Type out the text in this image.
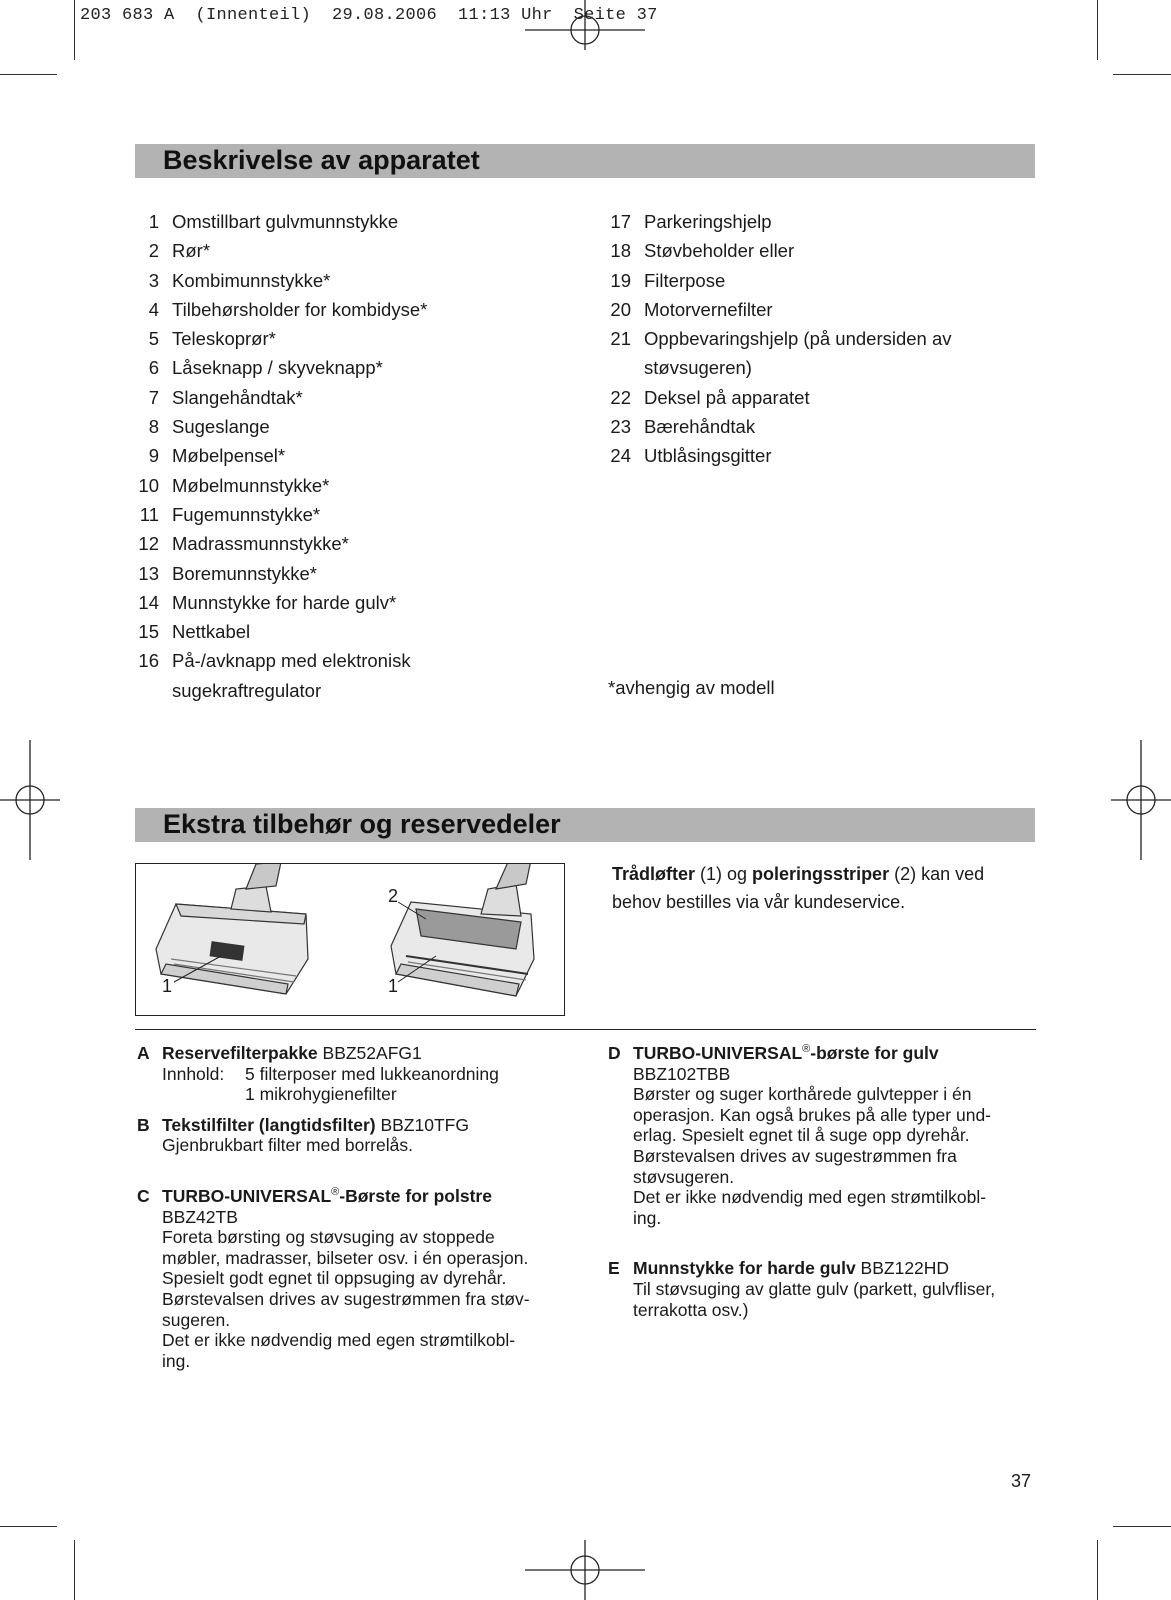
203 683 A  (Innenteil)  29.08.2006  11:13 Uhr  Seite 37
Beskrivelse av apparatet
1 Omstillbart gulvmunnstykke
2 Rør*
3 Kombimunnstykke*
4 Tilbehørsholder for kombidyse*
5 Teleskoprør*
6 Låseknapp / skyveknapp*
7 Slangehåndtak*
8 Sugeslange
9 Møbelpensel*
10 Møbelmunnstykke*
11 Fugemunnstykke*
12 Madrassmunnstykke*
13 Boremunnstykke*
14 Munnstykke for harde gulv*
15 Nettkabel
16 På-/avknapp med elektronisk
sugekraftregulator
17 Parkeringshjelp
18 Støvbeholder eller
19 Filterpose
20 Motorvernefilter
21 Oppbevaringshjelp (på undersiden av
støvsugeren)
22 Deksel på apparatet
23 Bærehåndtak
24 Utblåsingsgitter
*avhengig av modell
Ekstra tilbehør og reservedeler
2
1	1
Trådløfter (1) og poleringsstriper (2) kan ved
behov bestilles via vår kundeservice.
A Reservefilterpakke BBZ52AFG1
Innhold: 5 filterposer med lukkeanordning
1 mikrohygienefilter
B Tekstilfilter (langtidsfilter) BBZ10TFG
Gjenbrukbart filter med borrelås.
C TURBO-UNIVERSAL®-Børste for polstre
BBZ42TB
Foreta børsting og støvsuging av stoppede
møbler, madrasser, bilseter osv. i én operasjon.
Spesielt godt egnet til oppsuging av dyrehår.
Børstevalsen drives av sugestrømmen fra støv-
sugeren.
Det er ikke nødvendig med egen strømtilkobl-
ing.
D TURBO-UNIVERSAL®-børste for gulv
BBZ102TBB
Børster og suger korthårede gulvtepper i én
operasjon. Kan også brukes på alle typer und-
erlag. Spesielt egnet til å suge opp dyrehår.
Børstevalsen drives av sugestrømmen fra
støvsugeren.
Det er ikke nødvendig med egen strømtilkobl-
ing.
E Munnstykke for harde gulv BBZ122HD
Til støvsuging av glatte gulv (parkett, gulvfliser,
terrakotta osv.)
37
